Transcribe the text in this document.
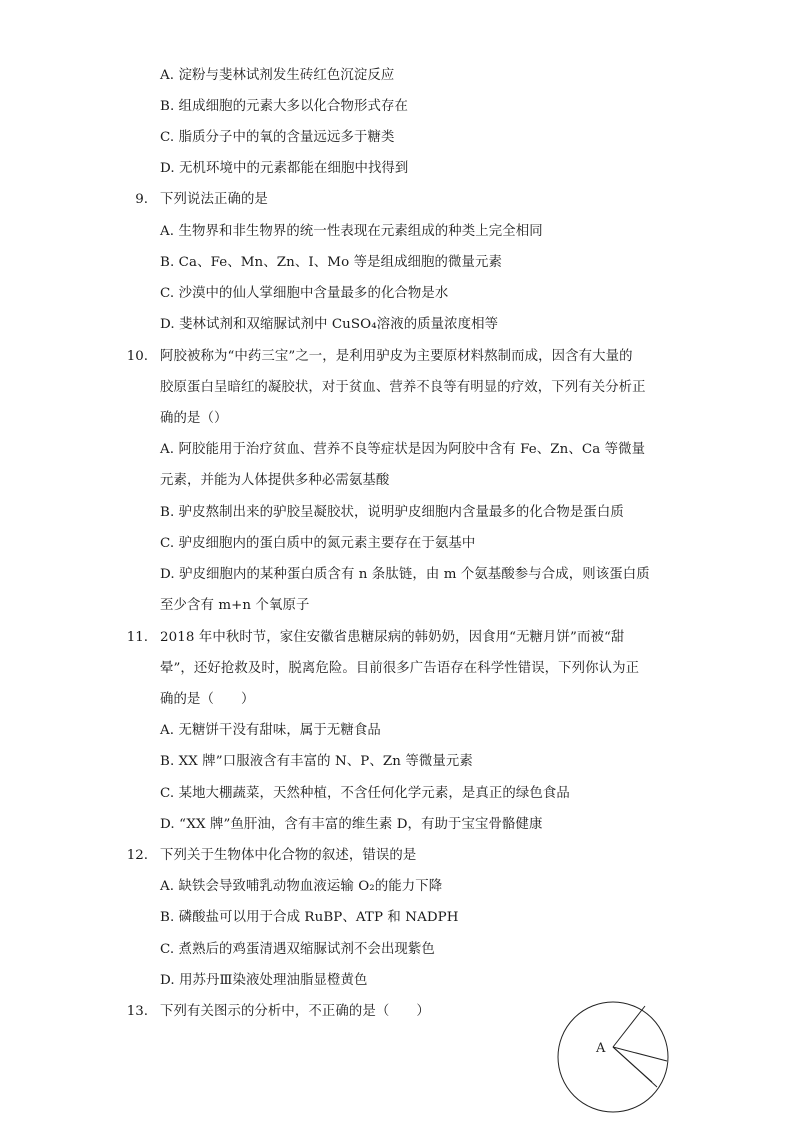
A. 淀粉与斐林试剂发生砖红色沉淀反应
B. 组成细胞的元素大多以化合物形式存在
C. 脂质分子中的氧的含量远远多于糖类
D. 无机环境中的元素都能在细胞中找得到
9. 下列说法正确的是
A. 生物界和非生物界的统一性表现在元素组成的种类上完全相同
B. Ca、Fe、Mn、Zn、I、Mo 等是组成细胞的微量元素
C. 沙漠中的仙人掌细胞中含量最多的化合物是水
D. 斐林试剂和双缩脲试剂中 CuSO₄溶液的质量浓度相等
10. 阿胶被称为“中药三宝”之一，是利用驴皮为主要原材料熬制而成，因含有大量的
胶原蛋白呈暗红的凝胶状，对于贫血、营养不良等有明显的疗效，下列有关分析正
确的是（）
A. 阿胶能用于治疗贫血、营养不良等症状是因为阿胶中含有 Fe、Zn、Ca 等微量
元素，并能为人体提供多种必需氨基酸
B. 驴皮熬制出来的驴胶呈凝胶状，说明驴皮细胞内含量最多的化合物是蛋白质
C. 驴皮细胞内的蛋白质中的氮元素主要存在于氨基中
D. 驴皮细胞内的某种蛋白质含有 n 条肽链，由 m 个氨基酸参与合成，则该蛋白质
至少含有 m+n 个氧原子
11. 2018 年中秋时节，家住安徽省患糖尿病的韩奶奶，因食用“无糖月饼”而被“甜
晕”，还好抢救及时，脱离危险。目前很多广告语存在科学性错误，下列你认为正
确的是（　　）
A. 无糖饼干没有甜味，属于无糖食品
B. XX 牌”口服液含有丰富的 N、P、Zn 等微量元素
C. 某地大棚蔬菜，天然种植，不含任何化学元素，是真正的绿色食品
D. “XX 牌”鱼肝油，含有丰富的维生素 D，有助于宝宝骨骼健康
12. 下列关于生物体中化合物的叙述，错误的是
A. 缺铁会导致哺乳动物血液运输 O₂的能力下降
B. 磷酸盐可以用于合成 RuBP、ATP 和 NADPH
C. 煮熟后的鸡蛋清遇双缩脲试剂不会出现紫色
D. 用苏丹Ⅲ染液处理油脂显橙黄色
13. 下列有关图示的分析中，不正确的是（　　）
A
